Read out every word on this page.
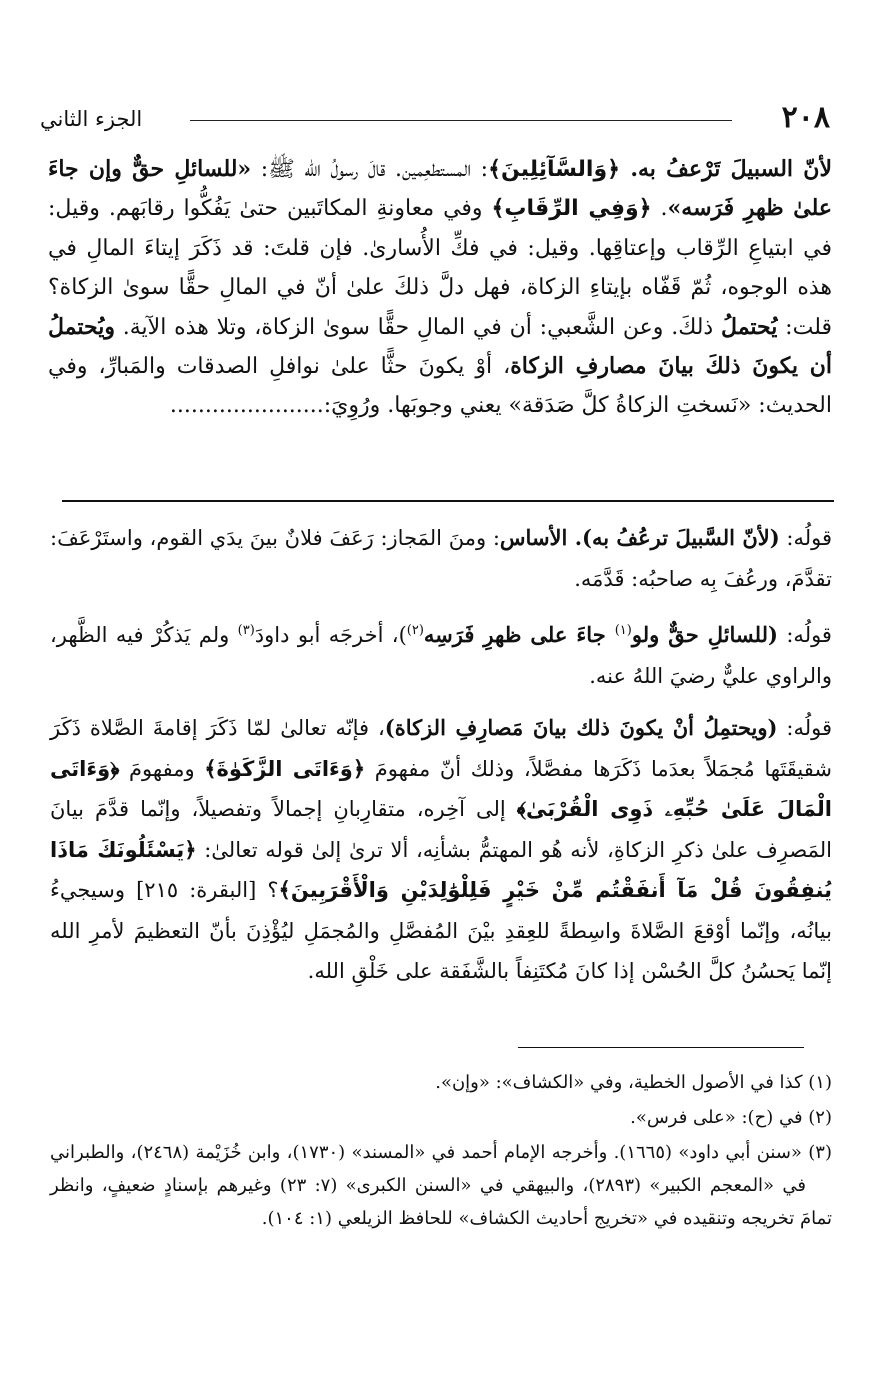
٢٠٨
الجزء الثاني
لأنّ السبيلَ تَرْعفُ به. ﴿وَالسَّآئِلِينَ﴾: المستطعِمين. قالَ رسولُ الله ﷺ: «للسائلِ حقٌّ وإن جاءَ علىٰ ظهرِ فَرَسه». ﴿وَفِي الرِّقَابِ﴾ وفي معاونةِ المكاتَبين حتىٰ يَفُكُّوا رقابَهم. وقيل: في ابتياعِ الرِّقاب وإعتاقِها. وقيل: في فكِّ الأُسارىٰ. فإن قلتَ: قد ذَكَرَ إيتاءَ المالِ في هذه الوجوه، ثُمّ قَفّاه بإيتاءِ الزكاة، فهل دلَّ ذلكَ علىٰ أنّ في المالِ حقًّا سوىٰ الزكاة؟ قلت: يُحتملُ ذلكَ. وعن الشَّعبي: أن في المالِ حقًّا سوىٰ الزكاة، وتلا هذه الآية. ويُحتملُ أن يكونَ ذلكَ بيانَ مصارفِ الزكاة، أوْ يكونَ حثًّا علىٰ نوافلِ الصدقات والمَبارِّ، وفي الحديث: «نَسختِ الزكاةُ كلَّ صَدَقة» يعني وجوبَها. ورُوِيَ:......................

قولُه: (لأنّ السَّبيلَ ترعُفُ به). الأساس: ومنَ المَجاز: رَعَفَ فلانٌ بينَ يدَي القوم، واستَرْعَفَ: تقدَّمَ، ورعُفَ بِه صاحبُه: قَدَّمَه.

قولُه: (للسائلِ حقٌّ ولو$^{(١)}$ جاءَ على ظهرِ فَرَسِه$^{(٢)}$)، أخرجَه أبو داودَ$^{(٣)}$ ولم يَذكُرْ فيه الظَّهر، والراوي عليٌّ رضيَ اللهُ عنه.

قولُه: (ويحتمِلُ أنْ يكونَ ذلك بيانَ مَصارِفِ الزكاة)، فإنّه تعالىٰ لمّا ذَكَرَ إقامةَ الصَّلاة ذَكَرَ شقيقَتَها مُجمَلاً بعدَما ذَكَرَها مفصَّلاً، وذلك أنّ مفهومَ ﴿وَءَاتَى الزَّكَوٰةَ﴾ ومفهومَ ﴿وَءَاتَى الْمَالَ عَلَىٰ حُبِّهِۦ ذَوِى الْقُرْبَىٰ﴾ إلى آخِره، متقارِبانِ إجمالاً وتفصيلاً، وإنّما قدَّمَ بيانَ المَصرِف علىٰ ذكرِ الزكاةِ، لأنه هُو المهتمُّ بشأنِه، ألا ترىٰ إلىٰ قوله تعالىٰ: ﴿يَسْئَلُونَكَ مَاذَا يُنفِقُونَ قُلْ مَآ أَنفَقْتُم مِّنْ خَيْرٍ فَلِلْوَٰلِدَيْنِ وَالْأَقْرَبِينَ﴾؟ [البقرة: ٢١٥] وسيجيءُ بيانُه، وإنّما أوْقعَ الصَّلاةَ واسِطةً للعِقدِ بيْنَ المُفصَّلِ والمُجمَلِ ليُؤْذِنَ بأنّ التعظيمَ لأمرِ الله إنّما يَحسُنُ كلَّ الحُسْن إذا كانَ مُكتَنِفاً بالشَّفَقة على خَلْقِ الله.

(١) كذا في الأصول الخطية، وفي «الكشاف»: «وإن».

(٢) في (ح): «على فرس».

(٣) «سنن أبي داود» (١٦٦٥). وأخرجه الإمام أحمد في «المسند» (١٧٣٠)، وابن خُزَيْمة (٢٤٦٨)، والطبراني في «المعجم الكبير» (٢٨٩٣)، والبيهقي في «السنن الكبرى» (٧: ٢٣) وغيرهم بإسنادٍ ضعيفٍ، وانظر تمامَ تخريجه وتنقيده في «تخريج أحاديث الكشاف» للحافظ الزيلعي (١: ١٠٤).
